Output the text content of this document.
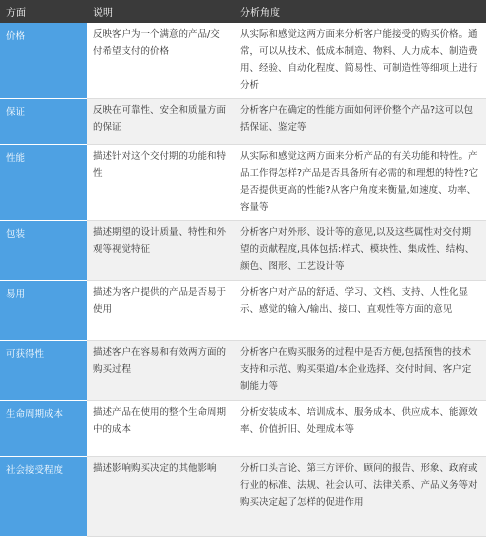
方面	说明	分析角度
价格	反映客户为一个满意的产品/交付希望支付的价格	从实际和感觉这两方面来分析客户能接受的购买价格。通常，可以从技术、低成本制造、物料、人力成本、制造费用、经验、自动化程度、简易性、可制造性等细项上进行分析
保证	反映在可靠性、安全和质量方面的保证	分析客户在确定的性能方面如何评价整个产品?这可以包括保证、鉴定等
性能	描述针对这个交付期的功能和特性	从实际和感觉这两方面来分析产品的有关功能和特性。产品工作得怎样?产品是否具备所有必需的和理想的特性?它是否提供更高的性能?从客户角度来衡量,如速度、功率、容量等
包装	描述期望的设计质量、特性和外观等视觉特征	分析客户对外形、设计等的意见,以及这些属性对交付期望的贡献程度,具体包括:样式、模块性、集成性、结构、颜色、图形、工艺设计等
易用	描述为客户提供的产品是否易于使用	分析客户对产品的舒适、学习、文档、支持、人性化显示、感觉的输入/输出、接口、直观性等方面的意见
可获得性	描述客户在容易和有效两方面的购买过程	分析客户在购买服务的过程中是否方便,包括预售的技术支持和示范、购买渠道/本企业选择、交付时间、客户定制能力等
生命周期成本	描述产品在使用的整个生命周期中的成本	分析安装成本、培训成本、服务成本、供应成本、能源效率、价值折旧、处理成本等
社会接受程度	描述影响购买决定的其他影响	分析口头言论、第三方评价、顾问的报告、形象、政府或行业的标准、法规、社会认可、法律关系、产品义务等对购买决定起了怎样的促进作用
